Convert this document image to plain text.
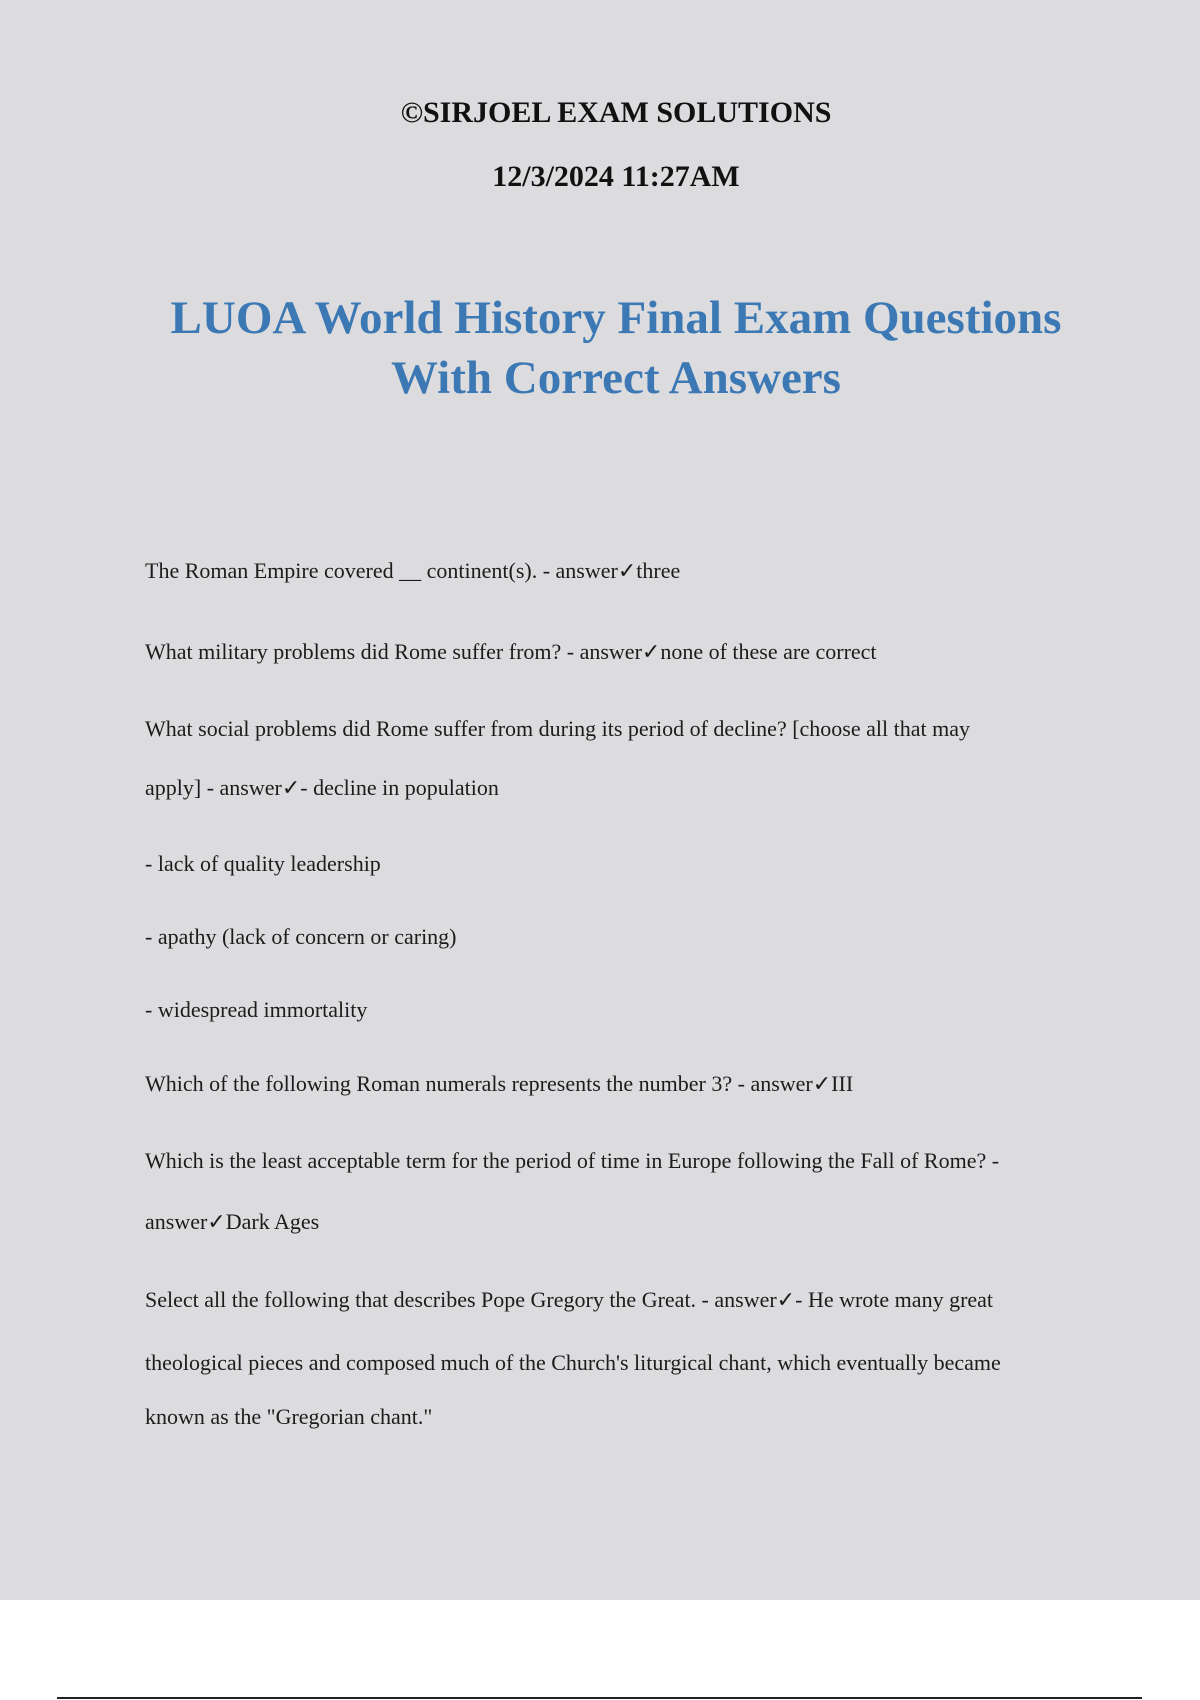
©SIRJOEL EXAM SOLUTIONS
12/3/2024 11:27AM
LUOA World History Final Exam Questions
With Correct Answers
The Roman Empire covered __ continent(s). - answer✓three
What military problems did Rome suffer from? - answer✓none of these are correct
What social problems did Rome suffer from during its period of decline? [choose all that may
apply] - answer✓- decline in population
- lack of quality leadership
- apathy (lack of concern or caring)
- widespread immortality
Which of the following Roman numerals represents the number 3? - answer✓III
Which is the least acceptable term for the period of time in Europe following the Fall of Rome? -
answer✓Dark Ages
Select all the following that describes Pope Gregory the Great. - answer✓- He wrote many great
theological pieces and composed much of the Church's liturgical chant, which eventually became
known as the "Gregorian chant."
